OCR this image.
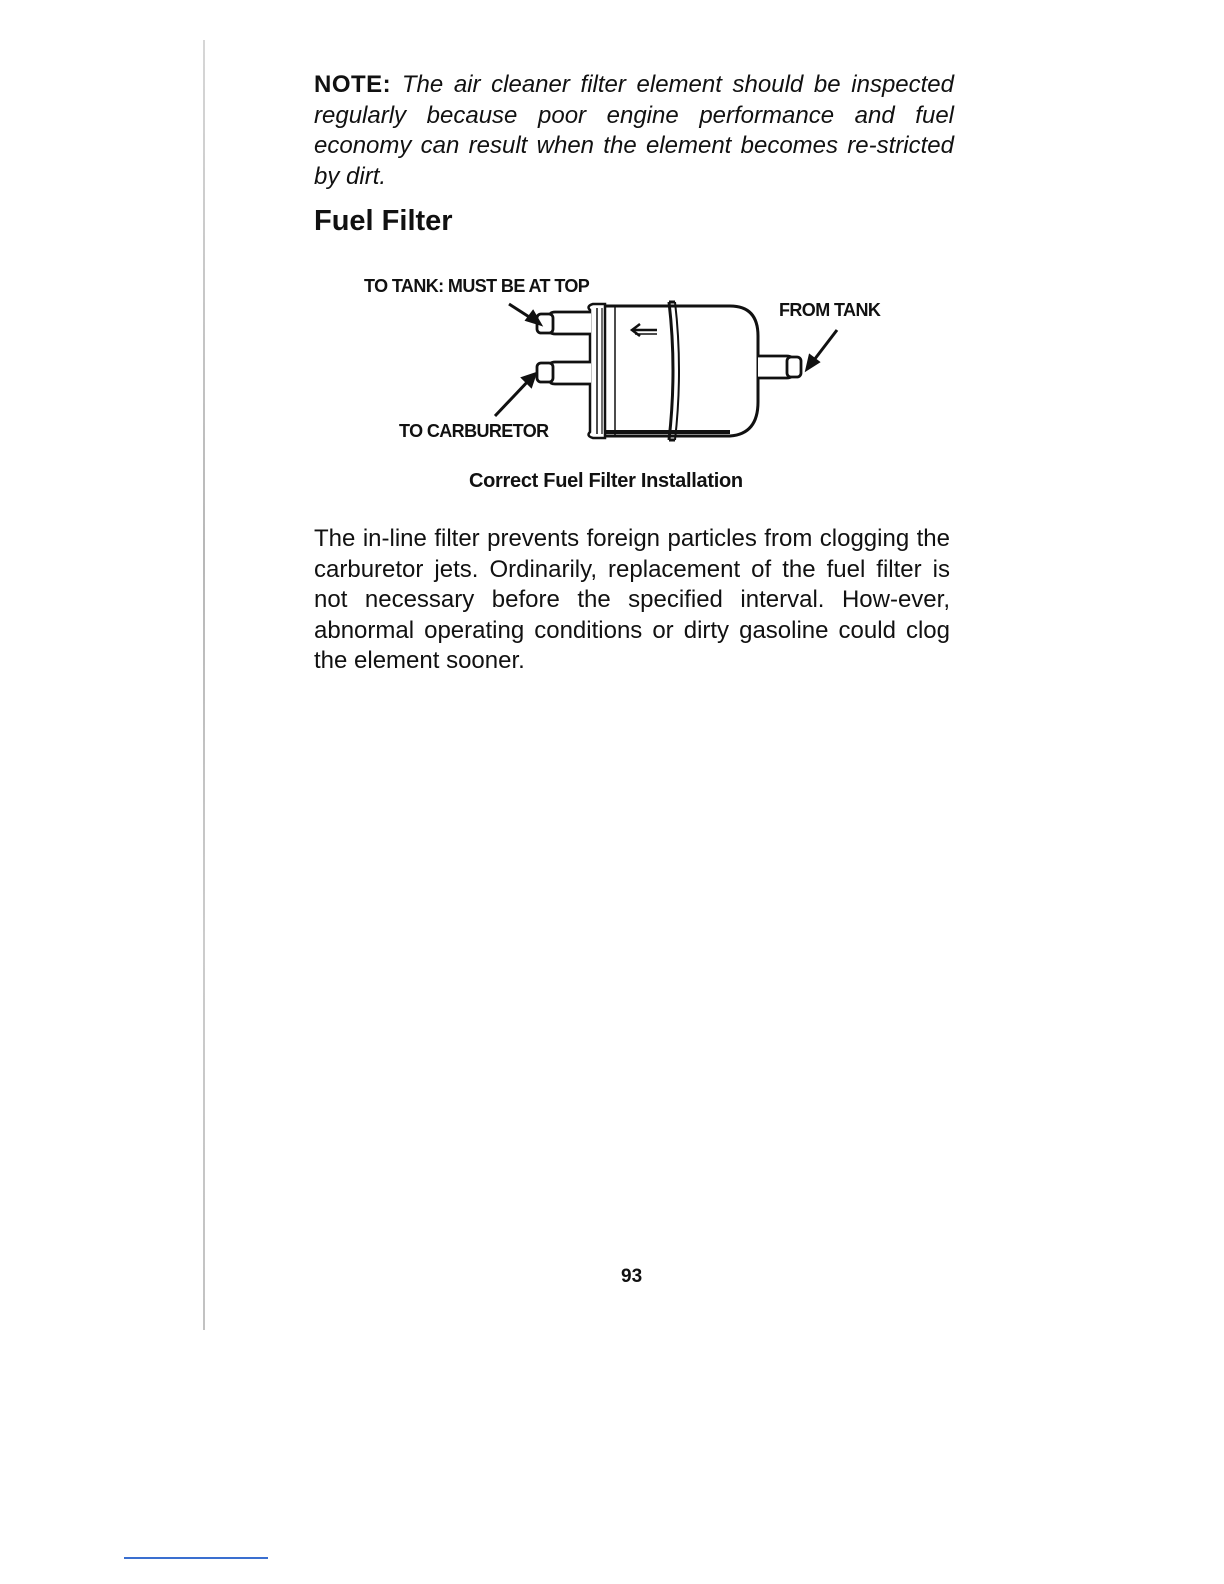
NOTE: The air cleaner filter element should be inspected regularly because poor engine performance and fuel economy can result when the element becomes re-stricted by dirt.

Fuel Filter
TO TANK: MUST BE AT TOP
FROM TANK
TO CARBURETOR
Correct Fuel Filter Installation

The in-line filter prevents foreign particles from clogging the carburetor jets. Ordinarily, replacement of the fuel filter is not necessary before the specified interval. How-ever, abnormal operating conditions or dirty gasoline could clog the element sooner.

93
